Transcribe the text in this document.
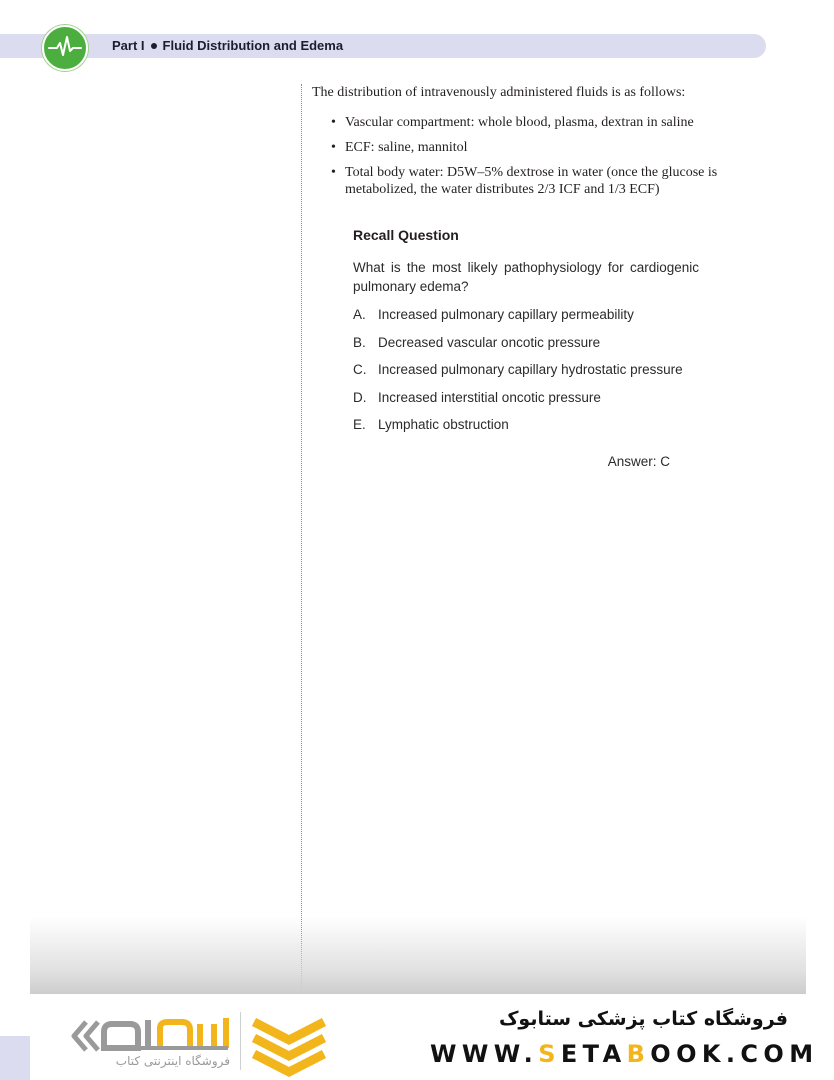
Part I Fluid Distribution and Edema
The distribution of intravenously administered fluids is as follows:
• Vascular compartment: whole blood, plasma, dextran in saline
• ECF: saline, mannitol
• Total body water: D5W–5% dextrose in water (once the glucose is metabolized, the water distributes 2/3 ICF and 1/3 ECF)
Recall Question
What is the most likely pathophysiology for cardiogenic pulmonary edema?
A. Increased pulmonary capillary permeability
B. Decreased vascular oncotic pressure
C. Increased pulmonary capillary hydrostatic pressure
D. Increased interstitial oncotic pressure
E. Lymphatic obstruction
Answer: C
فروشگاه اینترنتی کتاب
فروشگاه کتاب پزشکی ستابوک
WWW.SETABOOK.COM
